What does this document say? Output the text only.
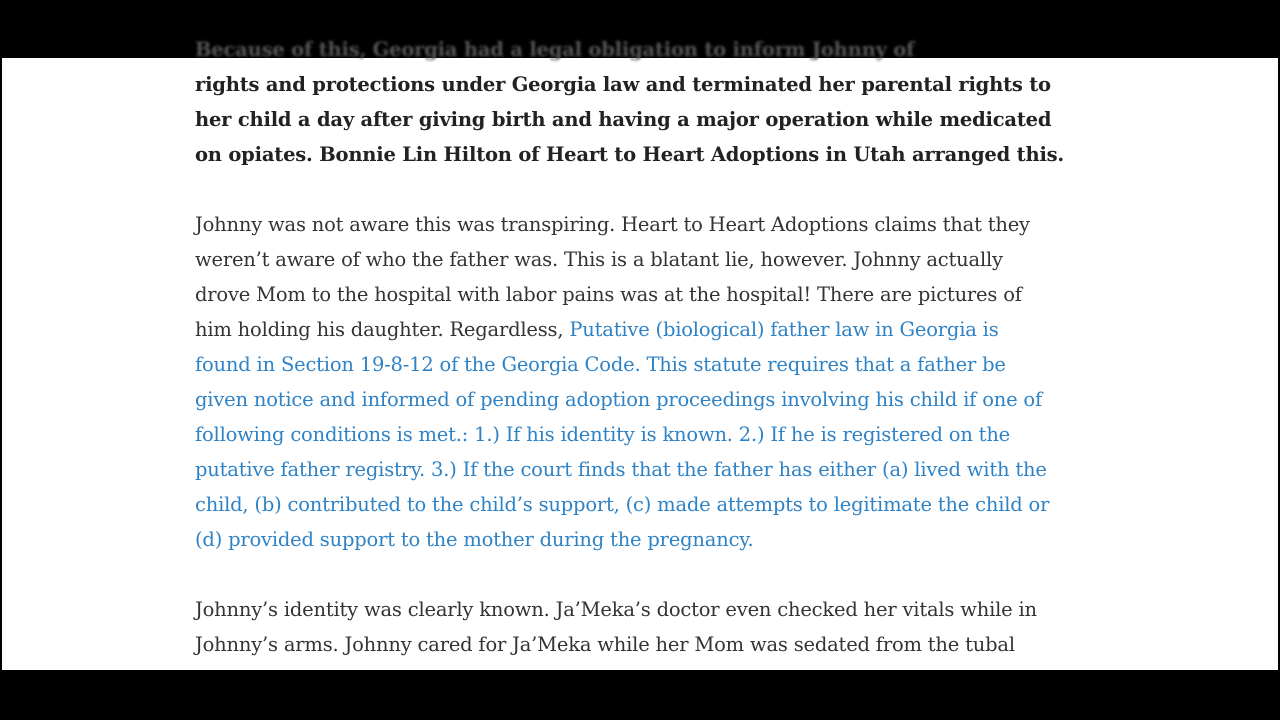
Because of this, Georgia had a legal obligation to inform Johnny of
rights and protections under Georgia law and terminated her parental rights to
her child a day after giving birth and having a major operation while medicated
on opiates. Bonnie Lin Hilton of Heart to Heart Adoptions in Utah arranged this.

Johnny was not aware this was transpiring. Heart to Heart Adoptions claims that they
weren’t aware of who the father was. This is a blatant lie, however. Johnny actually
drove Mom to the hospital with labor pains was at the hospital! There are pictures of
him holding his daughter. Regardless, Putative (biological) father law in Georgia is
found in Section 19-8-12 of the Georgia Code. This statute requires that a father be
given notice and informed of pending adoption proceedings involving his child if one of
following conditions is met.: 1.) If his identity is known. 2.) If he is registered on the
putative father registry. 3.) If the court finds that the father has either (a) lived with the
child, (b) contributed to the child’s support, (c) made attempts to legitimate the child or
(d) provided support to the mother during the pregnancy.

Johnny’s identity was clearly known. Ja’Meka’s doctor even checked her vitals while in
Johnny’s arms. Johnny cared for Ja’Meka while her Mom was sedated from the tubal
